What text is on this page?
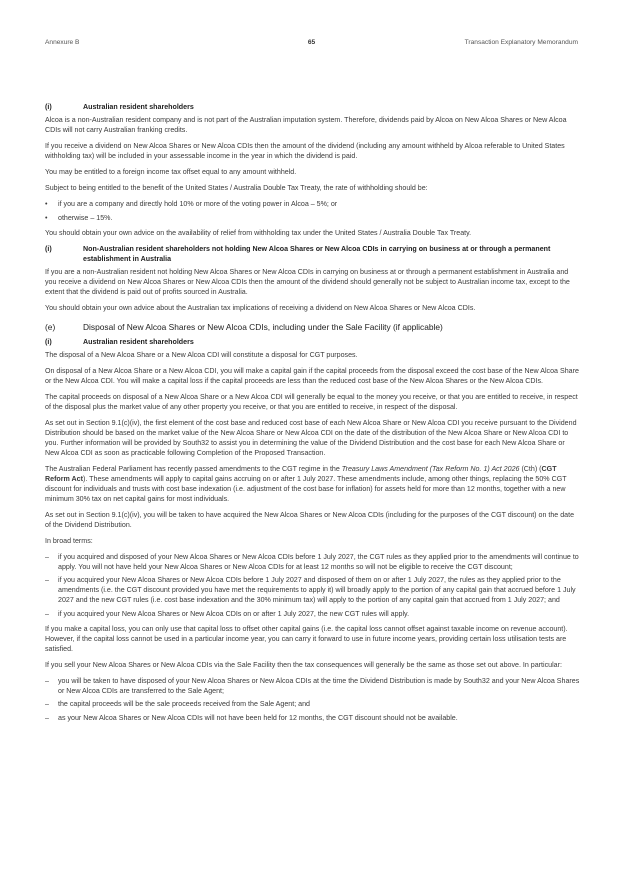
Annexure B	65	Transaction Explanatory Memorandum
(i)	Australian resident shareholders

Alcoa is a non-Australian resident company and is not part of the Australian imputation system. Therefore, dividends paid by Alcoa on New Alcoa Shares or New Alcoa CDIs will not carry Australian franking credits.

If you receive a dividend on New Alcoa Shares or New Alcoa CDIs then the amount of the dividend (including any amount withheld by Alcoa referable to United States withholding tax) will be included in your assessable income in the year in which the dividend is paid.

You may be entitled to a foreign income tax offset equal to any amount withheld.

Subject to being entitled to the benefit of the United States / Australia Double Tax Treaty, the rate of withholding should be:

• if you are a company and directly hold 10% or more of the voting power in Alcoa – 5%; or
• otherwise – 15%.

You should obtain your own advice on the availability of relief from withholding tax under the United States / Australia Double Tax Treaty.

(i)	Non-Australian resident shareholders not holding New Alcoa Shares or New Alcoa CDIs in carrying on business at or through a permanent establishment in Australia

If you are a non-Australian resident not holding New Alcoa Shares or New Alcoa CDIs in carrying on business at or through a permanent establishment in Australia and you receive a dividend on New Alcoa Shares or New Alcoa CDIs then the amount of the dividend should generally not be subject to Australian income tax, except to the extent that the dividend is paid out of profits sourced in Australia.

You should obtain your own advice about the Australian tax implications of receiving a dividend on New Alcoa Shares or New Alcoa CDIs.

(e)	Disposal of New Alcoa Shares or New Alcoa CDIs, including under the Sale Facility (if applicable)
(i)	Australian resident shareholders

The disposal of a New Alcoa Share or a New Alcoa CDI will constitute a disposal for CGT purposes.

On disposal of a New Alcoa Share or a New Alcoa CDI, you will make a capital gain if the capital proceeds from the disposal exceed the cost base of the New Alcoa Share or the New Alcoa CDI. You will make a capital loss if the capital proceeds are less than the reduced cost base of the New Alcoa Shares or the New Alcoa CDIs.

The capital proceeds on disposal of a New Alcoa Share or a New Alcoa CDI will generally be equal to the money you receive, or that you are entitled to receive, in respect of the disposal plus the market value of any other property you receive, or that you are entitled to receive, in respect of the disposal.

As set out in Section 9.1(c)(iv), the first element of the cost base and reduced cost base of each New Alcoa Share or New Alcoa CDI you receive pursuant to the Dividend Distribution should be based on the market value of the New Alcoa Share or New Alcoa CDI on the date of the distribution of the New Alcoa Share or New Alcoa CDI to you. Further information will be provided by South32 to assist you in determining the value of the Dividend Distribution and the cost base for each New Alcoa Share or New Alcoa CDI as soon as practicable following Completion of the Proposed Transaction.

The Australian Federal Parliament has recently passed amendments to the CGT regime in the Treasury Laws Amendment (Tax Reform No. 1) Act 2026 (Cth) (CGT Reform Act). These amendments will apply to capital gains accruing on or after 1 July 2027. These amendments include, among other things, replacing the 50% CGT discount for individuals and trusts with cost base indexation (i.e. adjustment of the cost base for inflation) for assets held for more than 12 months, together with a new minimum 30% tax on net capital gains for most individuals.

As set out in Section 9.1(c)(iv), you will be taken to have acquired the New Alcoa Shares or New Alcoa CDIs (including for the purposes of the CGT discount) on the date of the Dividend Distribution.

In broad terms:

– if you acquired and disposed of your New Alcoa Shares or New Alcoa CDIs before 1 July 2027, the CGT rules as they applied prior to the amendments will continue to apply. You will not have held your New Alcoa Shares or New Alcoa CDIs for at least 12 months so will not be eligible to receive the CGT discount;
– if you acquired your New Alcoa Shares or New Alcoa CDIs before 1 July 2027 and disposed of them on or after 1 July 2027, the rules as they applied prior to the amendments (i.e. the CGT discount provided you have met the requirements to apply it) will broadly apply to the portion of any capital gain that accrued before 1 July 2027 and the new CGT rules (i.e. cost base indexation and the 30% minimum tax) will apply to the portion of any capital gain that accrued from 1 July 2027; and
– if you acquired your New Alcoa Shares or New Alcoa CDIs on or after 1 July 2027, the new CGT rules will apply.

If you make a capital loss, you can only use that capital loss to offset other capital gains (i.e. the capital loss cannot offset against taxable income on revenue account). However, if the capital loss cannot be used in a particular income year, you can carry it forward to use in future income years, providing certain loss utilisation tests are satisfied.

If you sell your New Alcoa Shares or New Alcoa CDIs via the Sale Facility then the tax consequences will generally be the same as those set out above. In particular:

– you will be taken to have disposed of your New Alcoa Shares or New Alcoa CDIs at the time the Dividend Distribution is made by South32 and your New Alcoa Shares or New Alcoa CDIs are transferred to the Sale Agent;
– the capital proceeds will be the sale proceeds received from the Sale Agent; and
– as your New Alcoa Shares or New Alcoa CDIs will not have been held for 12 months, the CGT discount should not be available.
